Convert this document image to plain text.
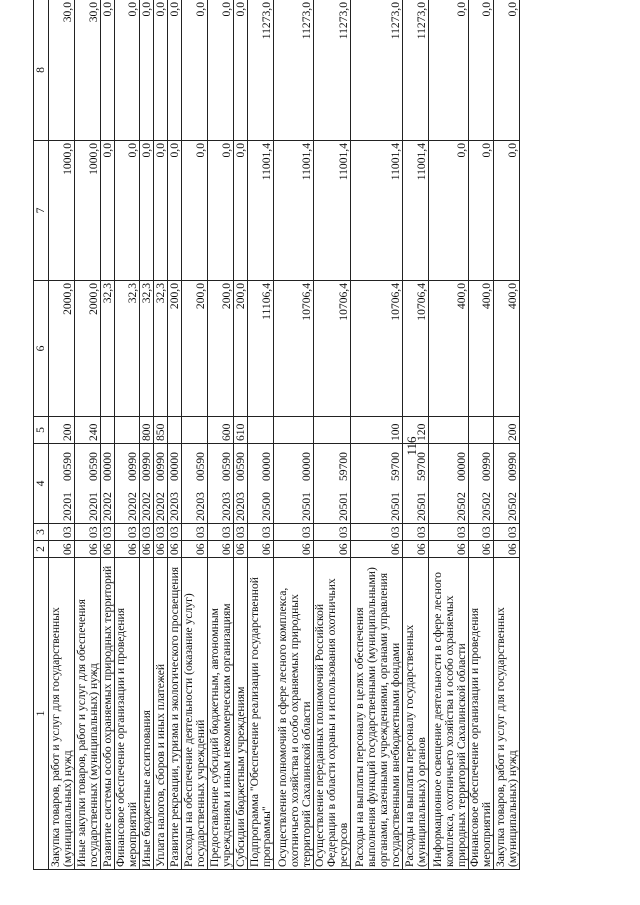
116
1	2	3	4	5	6	7	8
Закупка товаров, работ и услуг для государственных (муниципальных) нужд	06	03	2020100590	200	2000,0	1000,0	30,0
Иные закупки товаров, работ и услуг для обеспечения государственных (муниципальных) нужд	06	03	2020100590	240	2000,0	1000,0	30,0
Развитие системы особо охраняемых природных территорий	06	03	2020200000		32,3	0,0	0,0
Финансовое обеспечение организации и проведения мероприятий	06	03	2020200990		32,3	0,0	0,0
Иные бюджетные ассигнования	06	03	2020200990	800	32,3	0,0	0,0
Уплата налогов, сборов и иных платежей	06	03	2020200990	850	32,3	0,0	0,0
Развитие рекреации, туризма и экологического просвещения	06	03	2020300000		200,0	0,0	0,0
Расходы на обеспечение деятельности (оказание услуг) государственных учреждений	06	03	2020300590		200,0	0,0	0,0
Предоставление субсидий бюджетным, автономным учреждениям и иным некоммерческим организациям	06	03	2020300590	600	200,0	0,0	0,0
Субсидии бюджетным учреждениям	06	03	2020300590	610	200,0	0,0	0,0
Подпрограмма "Обеспечение реализации государственной программы"	06	03	2050000000		11106,4	11001,4	11273,0
Осуществление полномочий в сфере лесного комплекса, охотничьего хозяйства и особо охраняемых природных территорий Сахалинской области	06	03	2050100000		10706,4	11001,4	11273,0
Осуществление переданных полномочий Российской Федерации в области охраны и использования охотничьих ресурсов	06	03	2050159700		10706,4	11001,4	11273,0
Расходы на выплаты персоналу в целях обеспечения выполнения функций государственными (муниципальными) органами, казенными учреждениями, органами управления государственными внебюджетными фондами	06	03	2050159700	100	10706,4	11001,4	11273,0
Расходы на выплаты персоналу государственных (муниципальных) органов	06	03	2050159700	120	10706,4	11001,4	11273,0
Информационное освещение деятельности в сфере лесного комплекса, охотничьего хозяйства и особо охраняемых природных территорий Сахалинской области	06	03	2050200000		400,0	0,0	0,0
Финансовое обеспечение организации и проведения мероприятий	06	03	2050200990		400,0	0,0	0,0
Закупка товаров, работ и услуг для государственных (муниципальных) нужд	06	03	2050200990	200	400,0	0,0	0,0
